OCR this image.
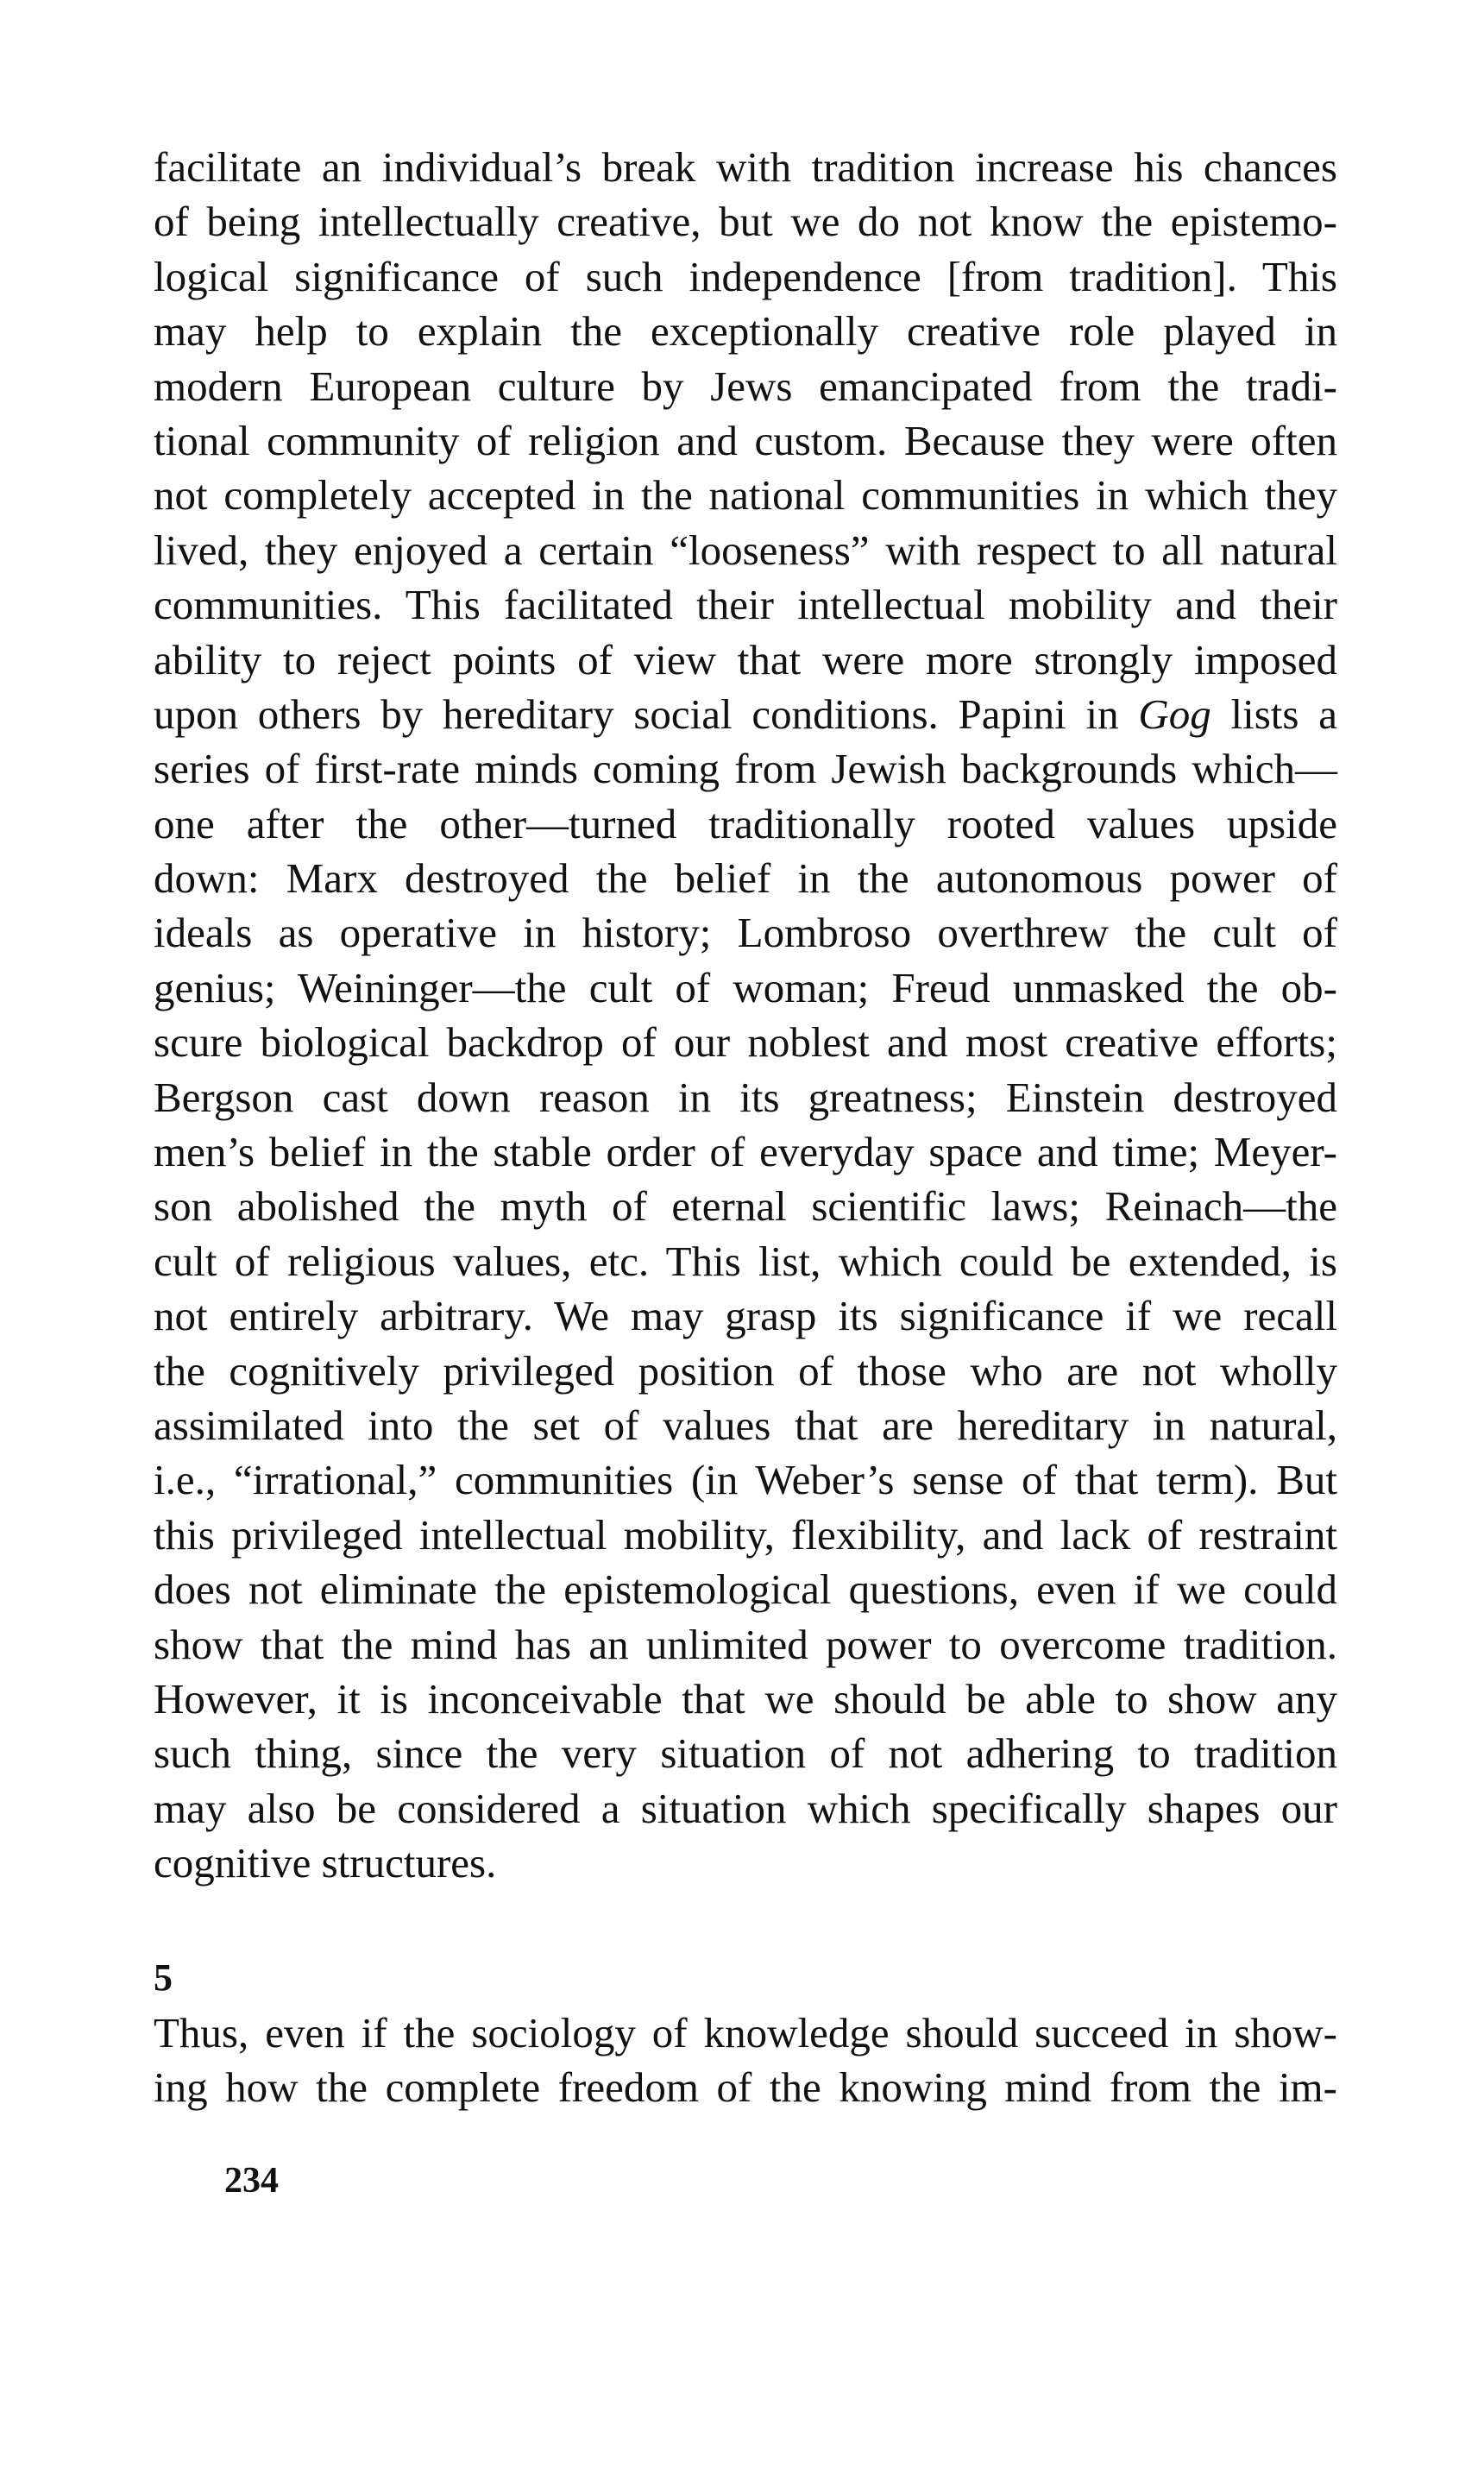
facilitate an individual’s break with tradition increase his chances
of being intellectually creative, but we do not know the epistemo-
logical significance of such independence [from tradition]. This
may help to explain the exceptionally creative role played in
modern European culture by Jews emancipated from the tradi-
tional community of religion and custom. Because they were often
not completely accepted in the national communities in which they
lived, they enjoyed a certain “looseness” with respect to all natural
communities. This facilitated their intellectual mobility and their
ability to reject points of view that were more strongly imposed
upon others by hereditary social conditions. Papini in Gog lists a
series of first-rate minds coming from Jewish backgrounds which—
one after the other—turned traditionally rooted values upside
down: Marx destroyed the belief in the autonomous power of
ideals as operative in history; Lombroso overthrew the cult of
genius; Weininger—the cult of woman; Freud unmasked the ob-
scure biological backdrop of our noblest and most creative efforts;
Bergson cast down reason in its greatness; Einstein destroyed
men’s belief in the stable order of everyday space and time; Meyer-
son abolished the myth of eternal scientific laws; Reinach—the
cult of religious values, etc. This list, which could be extended, is
not entirely arbitrary. We may grasp its significance if we recall
the cognitively privileged position of those who are not wholly
assimilated into the set of values that are hereditary in natural,
i.e., “irrational,” communities (in Weber’s sense of that term). But
this privileged intellectual mobility, flexibility, and lack of restraint
does not eliminate the epistemological questions, even if we could
show that the mind has an unlimited power to overcome tradition.
However, it is inconceivable that we should be able to show any
such thing, since the very situation of not adhering to tradition
may also be considered a situation which specifically shapes our
cognitive structures.
5
Thus, even if the sociology of knowledge should succeed in show-
ing how the complete freedom of the knowing mind from the im-
234
